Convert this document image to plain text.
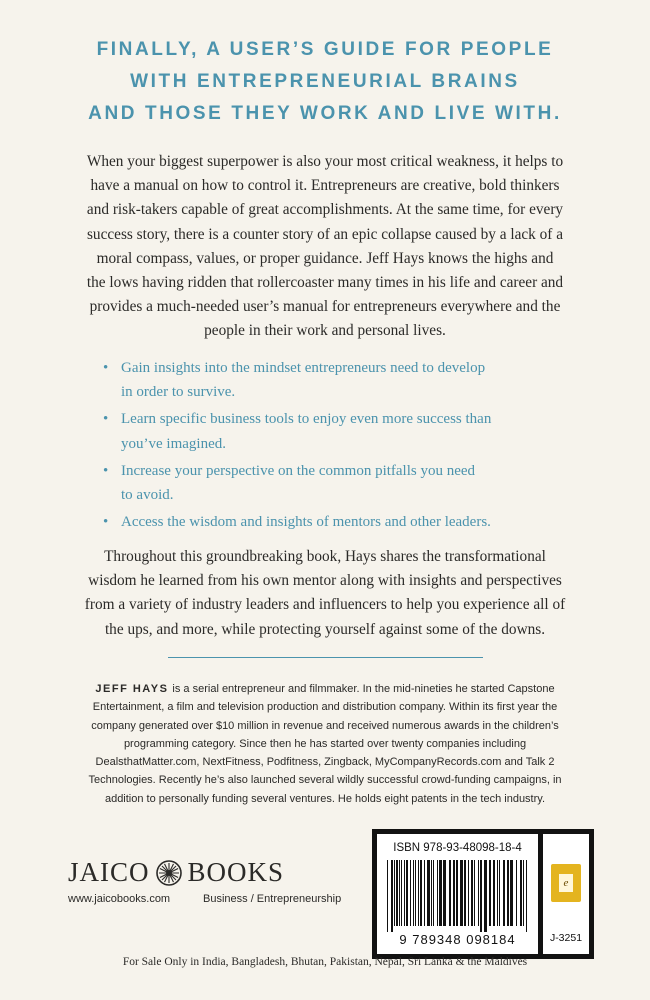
FINALLY, A USER’S GUIDE FOR PEOPLE
WITH ENTREPRENEURIAL BRAINS
AND THOSE THEY WORK AND LIVE WITH.
When your biggest superpower is also your most critical weakness, it helps to
have a manual on how to control it. Entrepreneurs are creative, bold thinkers
and risk-takers capable of great accomplishments. At the same time, for every
success story, there is a counter story of an epic collapse caused by a lack of a
moral compass, values, or proper guidance. Jeff Hays knows the highs and
the lows having ridden that rollercoaster many times in his life and career and
provides a much-needed user’s manual for entrepreneurs everywhere and the
people in their work and personal lives.
• Gain insights into the mindset entrepreneurs need to develop
in order to survive.
• Learn specific business tools to enjoy even more success than
you’ve imagined.
• Increase your perspective on the common pitfalls you need
to avoid.
• Access the wisdom and insights of mentors and other leaders.
Throughout this groundbreaking book, Hays shares the transformational
wisdom he learned from his own mentor along with insights and perspectives
from a variety of industry leaders and influencers to help you experience all of
the ups, and more, while protecting yourself against some of the downs.
JEFF HAYS is a serial entrepreneur and filmmaker. In the mid-nineties he started Capstone
Entertainment, a film and television production and distribution company. Within its first year the
company generated over $10 million in revenue and received numerous awards in the children’s
programming category. Since then he has started over twenty companies including
DealsthatMatter.com, NextFitness, Podfitness, Zingback, MyCompanyRecords.com and Talk 2
Technologies. Recently he’s also launched several wildly successful crowd-funding campaigns, in
addition to personally funding several ventures. He holds eight patents in the tech industry.
JAICO BOOKS
www.jaicobooks.com	Business / Entrepreneurship
ISBN 978-93-48098-18-4
9 789348 098184
e
J-3251
For Sale Only in India, Bangladesh, Bhutan, Pakistan, Nepal, Sri Lanka & the Maldives
